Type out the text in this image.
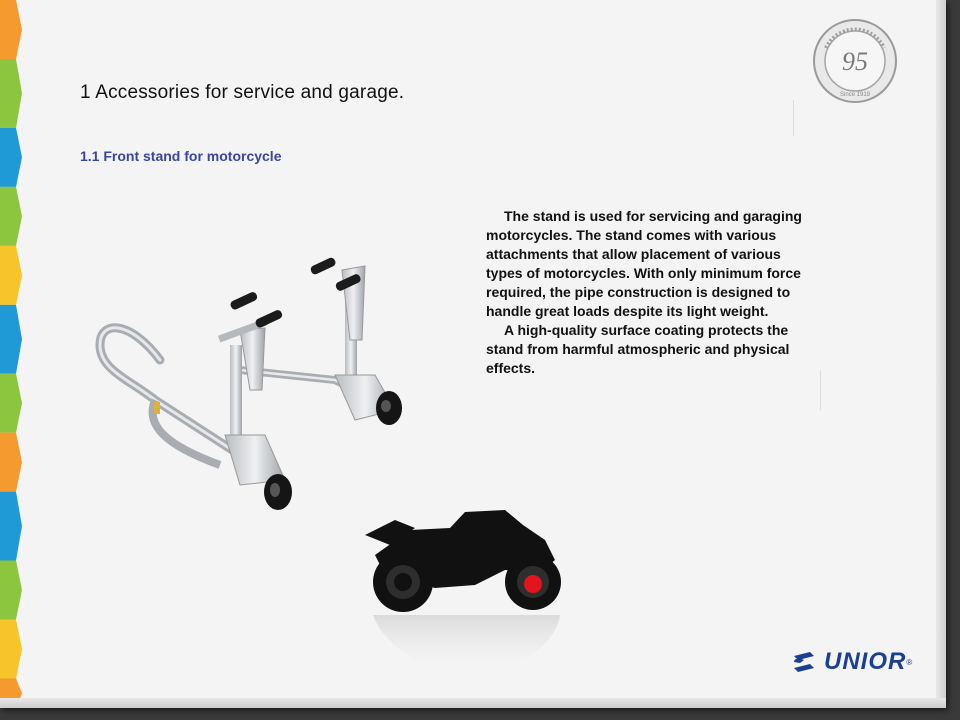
95
Since 1919
1 Accessories for service and garage.
1.1 Front stand for motorcycle

The stand is used for servicing and garaging motorcycles. The stand comes with various attachments that allow placement of various types of motorcycles. With only minimum force required, the pipe construction is designed to handle great loads despite its light weight.

A high-quality surface coating protects the stand from harmful atmospheric and physical effects.

UNIOR ®
